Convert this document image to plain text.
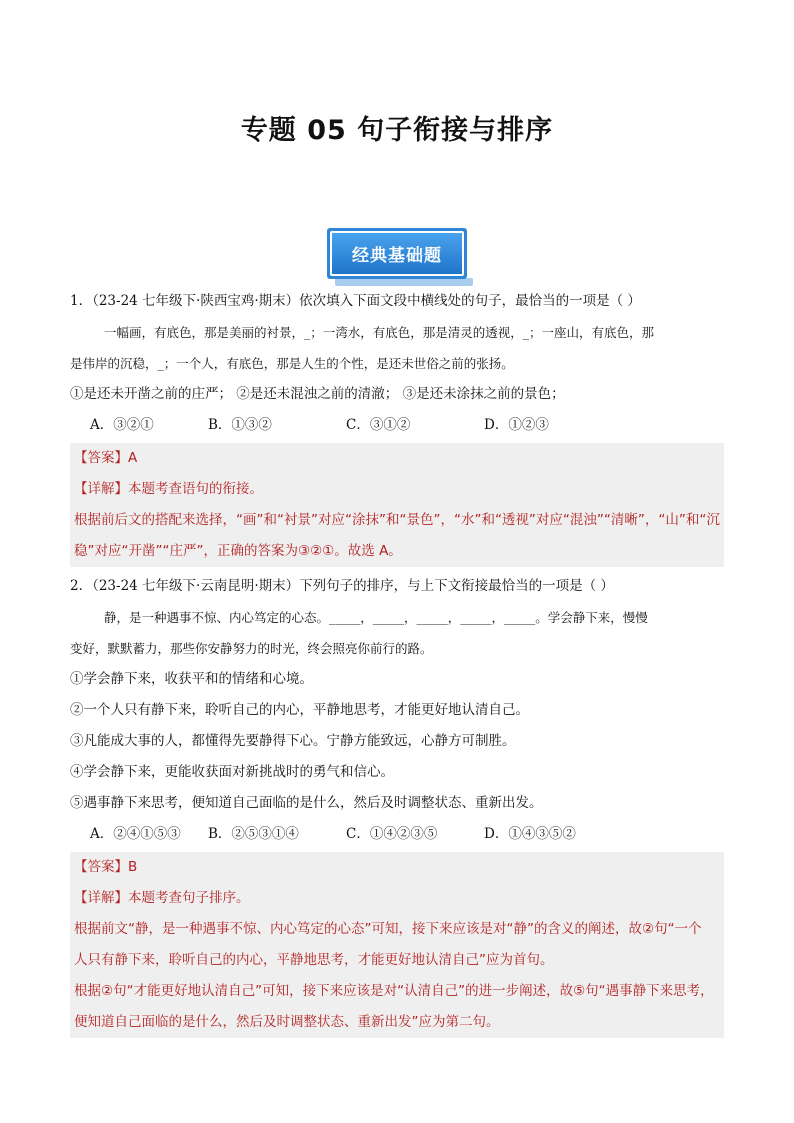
专题 05 句子衔接与排序
经典基础题
1．（23-24 七年级下·陕西宝鸡·期末）依次填入下面文段中横线处的句子，最恰当的一项是（ ）
一幅画，有底色，那是美丽的衬景，_；一湾水，有底色，那是清灵的透视，_；一座山，有底色，那
是伟岸的沉稳，_；一个人，有底色，那是人生的个性，是还未世俗之前的张扬。
①是还未开凿之前的庄严； ②是还未混浊之前的清澈； ③是还未涂抹之前的景色；
A．③②①	B．①③②	C．③①②	D．①②③
【答案】A
【详解】本题考查语句的衔接。
根据前后文的搭配来选择，“画”和“衬景”对应“涂抹”和“景色”，“水”和“透视”对应“混浊”“清晰”，“山”和“沉
稳”对应“开凿”“庄严”，正确的答案为③②①。故选 A。
2．（23-24 七年级下·云南昆明·期末）下列句子的排序，与上下文衔接最恰当的一项是（ ）
静，是一种遇事不惊、内心笃定的心态。_____，_____，_____，_____，_____。学会静下来，慢慢
变好，默默蓄力，那些你安静努力的时光，终会照亮你前行的路。
①学会静下来，收获平和的情绪和心境。
②一个人只有静下来，聆听自己的内心，平静地思考，才能更好地认清自己。
③凡能成大事的人，都懂得先要静得下心。宁静方能致远，心静方可制胜。
④学会静下来，更能收获面对新挑战时的勇气和信心。
⑤遇事静下来思考，便知道自己面临的是什么，然后及时调整状态、重新出发。
A．②④①⑤③ B．②⑤③①④	C．①④②③⑤	D．①④③⑤②
【答案】B
【详解】本题考查句子排序。
根据前文“静，是一种遇事不惊、内心笃定的心态”可知，接下来应该是对“静”的含义的阐述，故②句“一个
人只有静下来，聆听自己的内心，平静地思考，才能更好地认清自己”应为首句。
根据②句“才能更好地认清自己”可知，接下来应该是对“认清自己”的进一步阐述，故⑤句“遇事静下来思考，
便知道自己面临的是什么，然后及时调整状态、重新出发”应为第二句。
